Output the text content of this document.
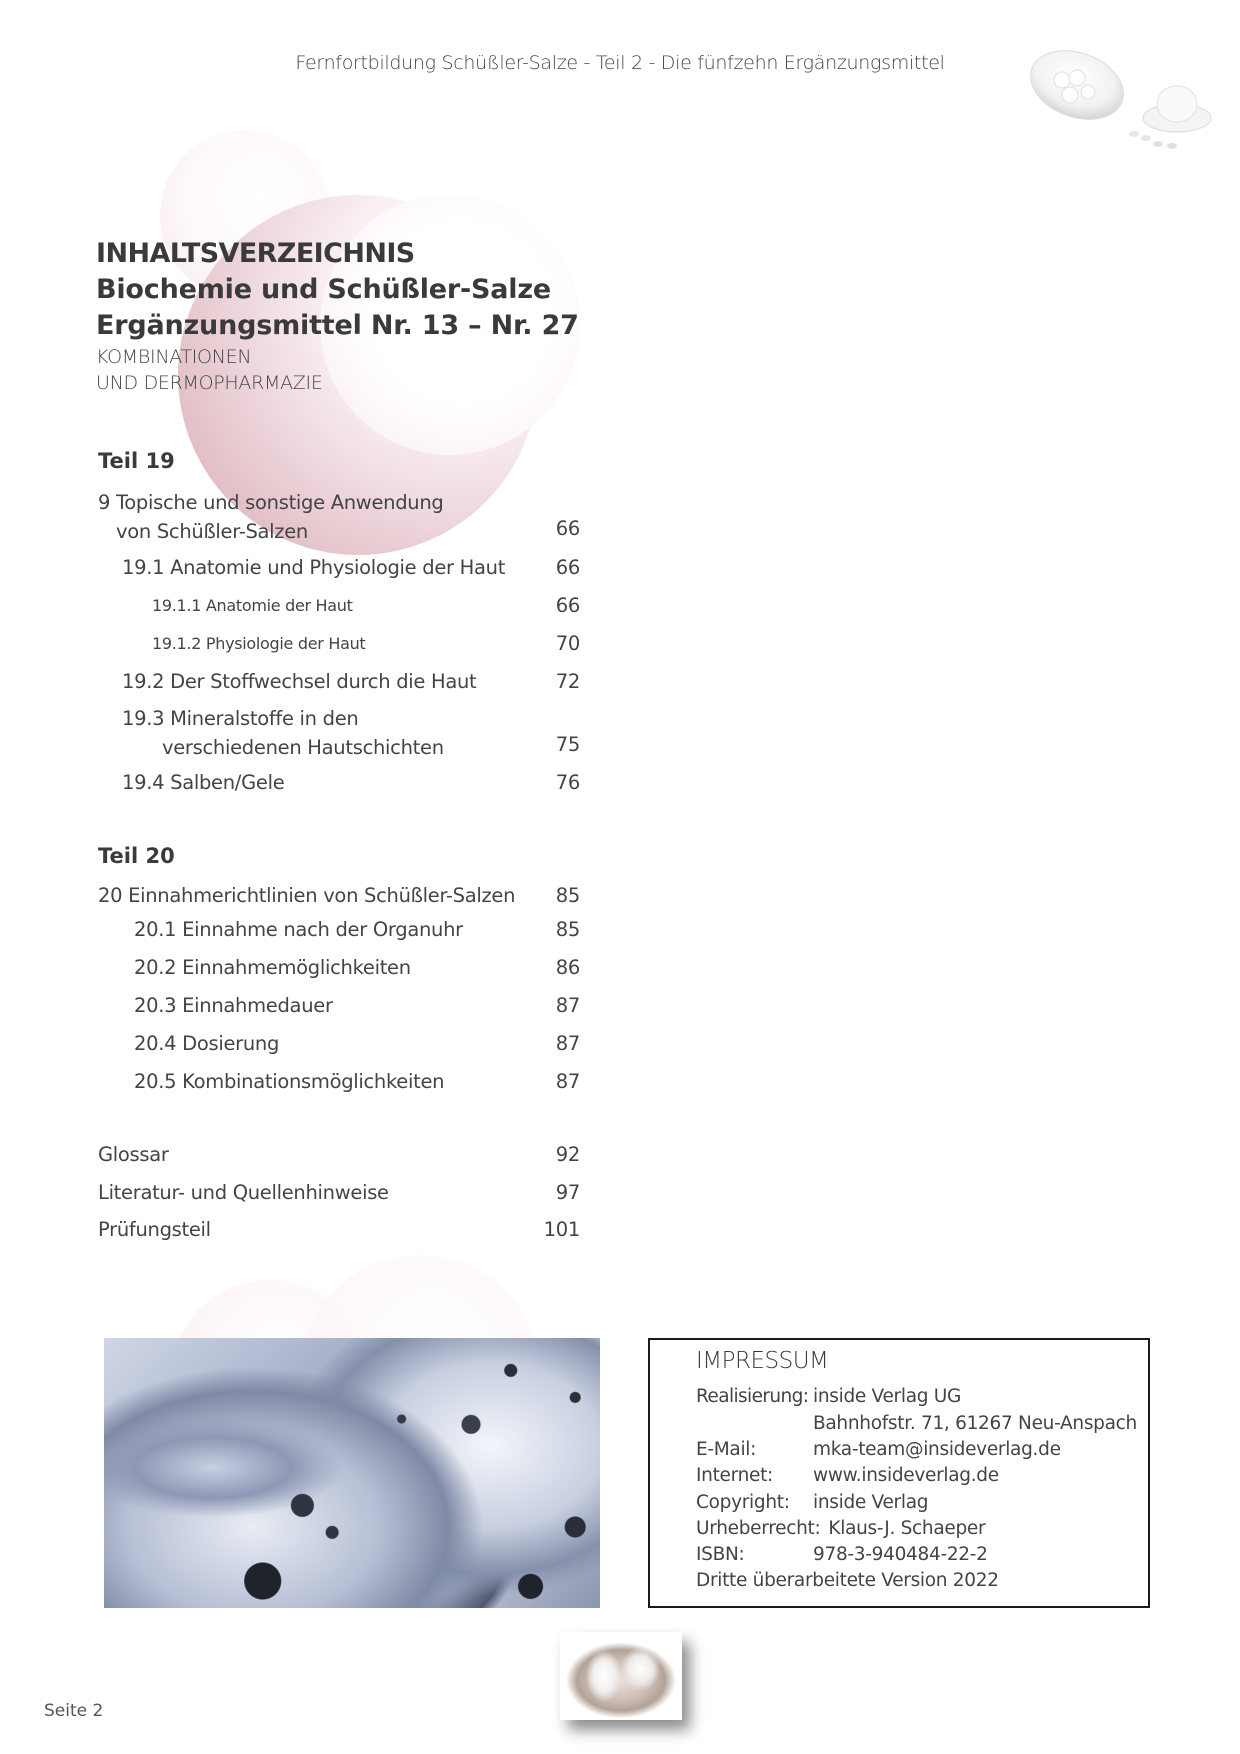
Fernfortbildung Schüßler-Salze - Teil 2 - Die fünfzehn Ergänzungsmittel
INHALTSVERZEICHNIS
Biochemie und Schüßler-Salze
Ergänzungsmittel Nr. 13 – Nr. 27
KOMBINATIONEN
UND DERMOPHARMAZIE
Teil 19
9 Topische und sonstige Anwendung
von Schüßler-Salzen	66
19.1 Anatomie und Physiologie der Haut	66
19.1.1 Anatomie der Haut	66
19.1.2 Physiologie der Haut	70
19.2 Der Stoffwechsel durch die Haut	72
19.3 Mineralstoffe in den
verschiedenen Hautschichten	75
19.4 Salben/Gele	76
Teil 20
20 Einnahmerichtlinien von Schüßler-Salzen 85
20.1 Einnahme nach der Organuhr	85
20.2 Einnahmemöglichkeiten	86
20.3 Einnahmedauer	87
20.4 Dosierung	87
20.5 Kombinationsmöglichkeiten	87
Glossar	92
Literatur- und Quellenhinweise	97
Prüfungsteil	101
IMPRESSUM
Realisierung: inside Verlag UG
Bahnhofstr. 71, 61267 Neu-Anspach
E-Mail:	mka-team@insideverlag.de
Internet: www.insideverlag.de
Copyright: inside Verlag
Urheberrecht: Klaus-J. Schaeper
ISBN:	978-3-940484-22-2
Dritte überarbeitete Version 2022
Seite 2
